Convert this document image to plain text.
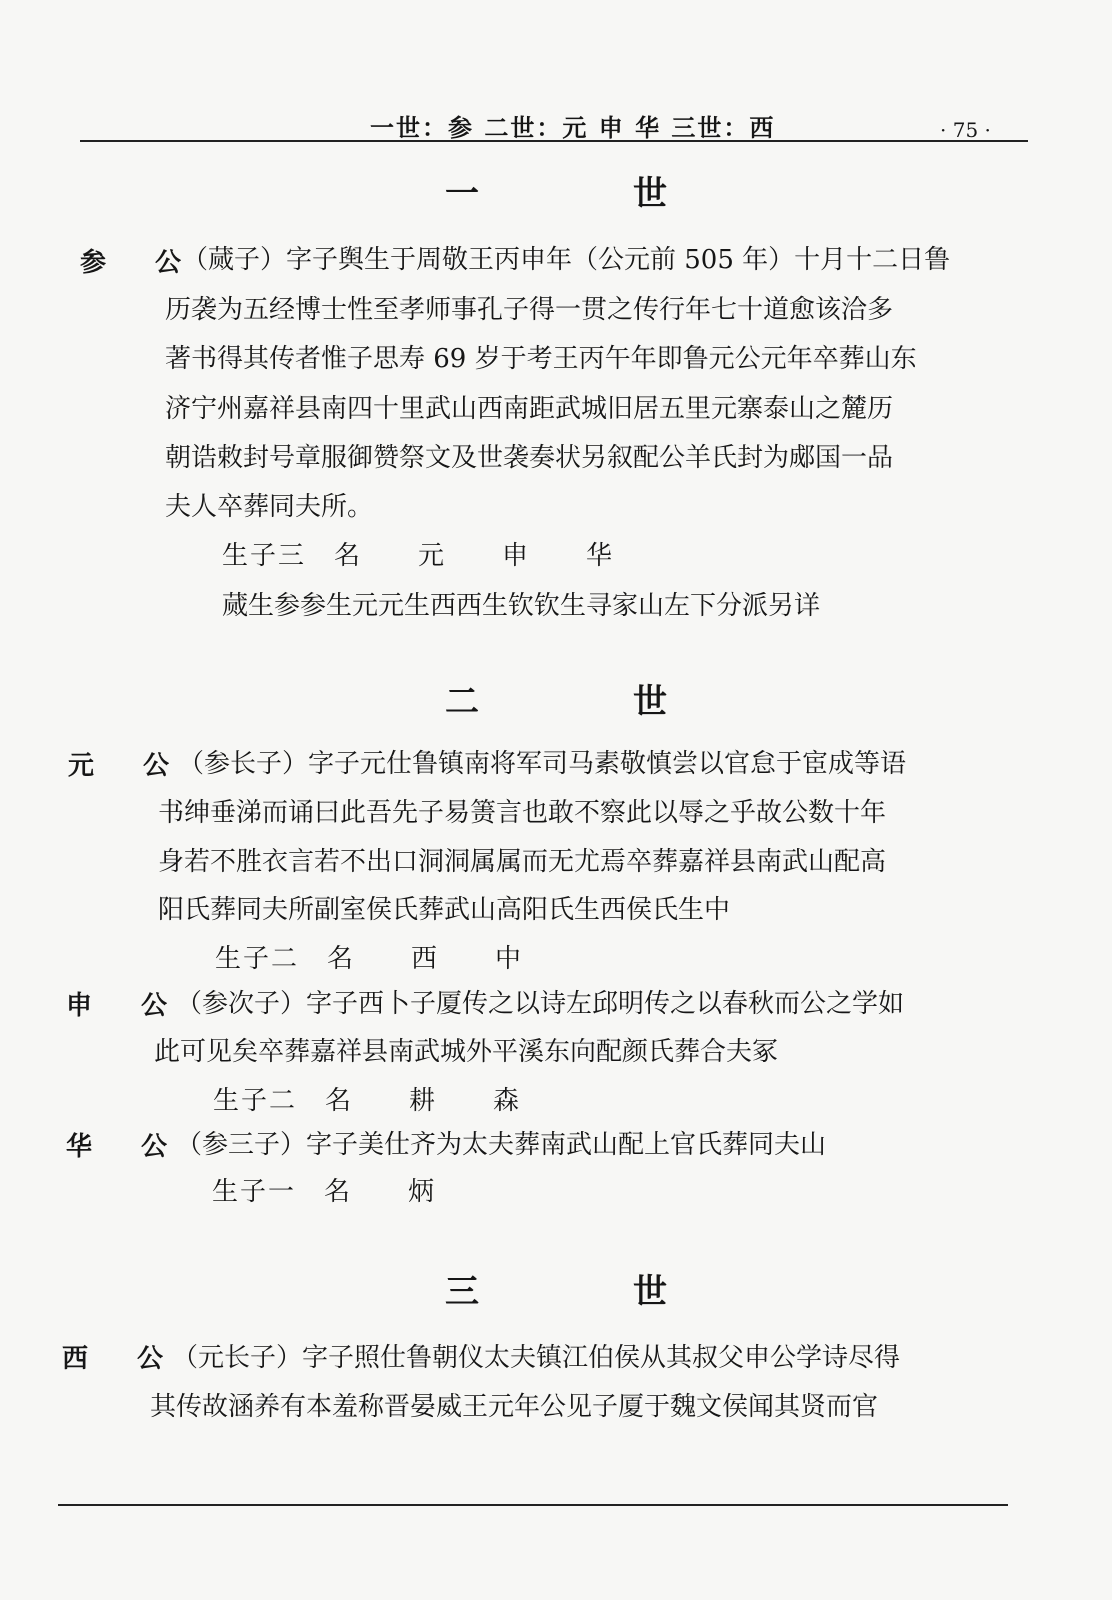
一世：参 二世：元 申 华 三世：西	· 75 ·
一　世
参 公
（蒇子）字子舆生于周敬王丙申年（公元前 505 年）十月十二日鲁
历袭为五经博士性至孝师事孔子得一贯之传行年七十道愈该洽多
著书得其传者惟子思寿 69 岁于考王丙午年即鲁元公元年卒葬山东
济宁州嘉祥县南四十里武山西南距武城旧居五里元寨泰山之麓历
朝诰敕封号章服御赞祭文及世袭奏状另叙配公羊氏封为郕国一品
夫人卒葬同夫所。
生子三　名　　元　　申　　华
蒇生参参生元元生西西生钦钦生寻家山左下分派另详
二　世
元 公
（参长子）字子元仕鲁镇南将军司马素敬慎尝以官怠于宦成等语
书绅垂涕而诵曰此吾先子易箦言也敢不察此以辱之乎故公数十年
身若不胜衣言若不出口洞洞属属而无尤焉卒葬嘉祥县南武山配高
阳氏葬同夫所副室侯氏葬武山高阳氏生西侯氏生中
生子二　名　　西　　中
申 公
（参次子）字子西卜子厦传之以诗左邱明传之以春秋而公之学如
此可见矣卒葬嘉祥县南武城外平溪东向配颜氏葬合夫冢
生子二　名　　耕　　森
华 公
（参三子）字子美仕齐为太夫葬南武山配上官氏葬同夫山
生子一　名　　炳
三　世
西 公
（元长子）字子照仕鲁朝仪太夫镇江伯侯从其叔父申公学诗尽得
其传故涵养有本羞称晋晏威王元年公见子厦于魏文侯闻其贤而官
